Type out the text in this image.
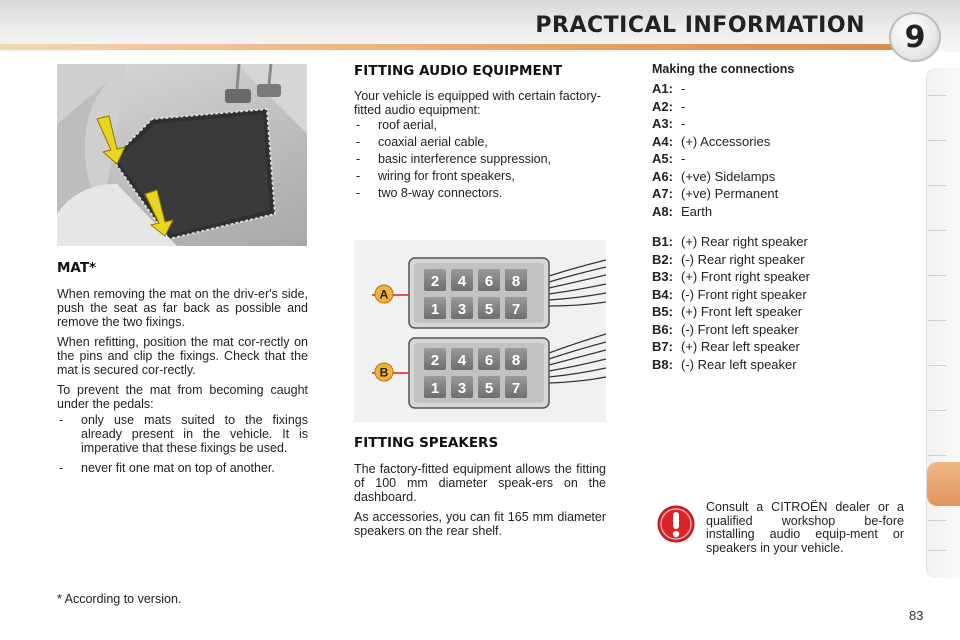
PRACTICAL INFORMATION	9
MAT*

When removing the mat on the driv-er's side, push the seat as far back as possible and remove the two fixings.

When refitting, position the mat cor-rectly on the pins and clip the fixings. Check that the mat is secured cor-rectly.

To prevent the mat from becoming caught under the pedals:

- only use mats suited to the fixings already present in the vehicle. It is imperative that these fixings be used.
- never fit one mat on top of another.
FITTING AUDIO EQUIPMENT

Your vehicle is equipped with certain factory-fitted audio equipment:

- roof aerial,
- coaxial aerial cable,
- basic interference suppression,
- wiring for front speakers,
- two 8-way connectors.
A
2 4 6 8
1 3 5 7
B
2 4 6 8
1 3 5 7
FITTING SPEAKERS

The factory-fitted equipment allows the fitting of 100 mm diameter speak-ers on the dashboard.

As accessories, you can fit 165 mm diameter speakers on the rear shelf.

Making the connections
A1: -
A2: -
A3: -
A4: (+) Accessories
A5: -
A6: (+ve) Sidelamps
A7: (+ve) Permanent
A8: Earth
B1: (+) Rear right speaker
B2: (-) Rear right speaker
B3: (+) Front right speaker
B4: (-) Front right speaker
B5: (+) Front left speaker
B6: (-) Front left speaker
B7: (+) Rear left speaker
B8: (-) Rear left speaker
Consult a CITROËN dealer or a qualified workshop be-fore installing audio equip-ment or speakers in your vehicle.
* According to version.
83
